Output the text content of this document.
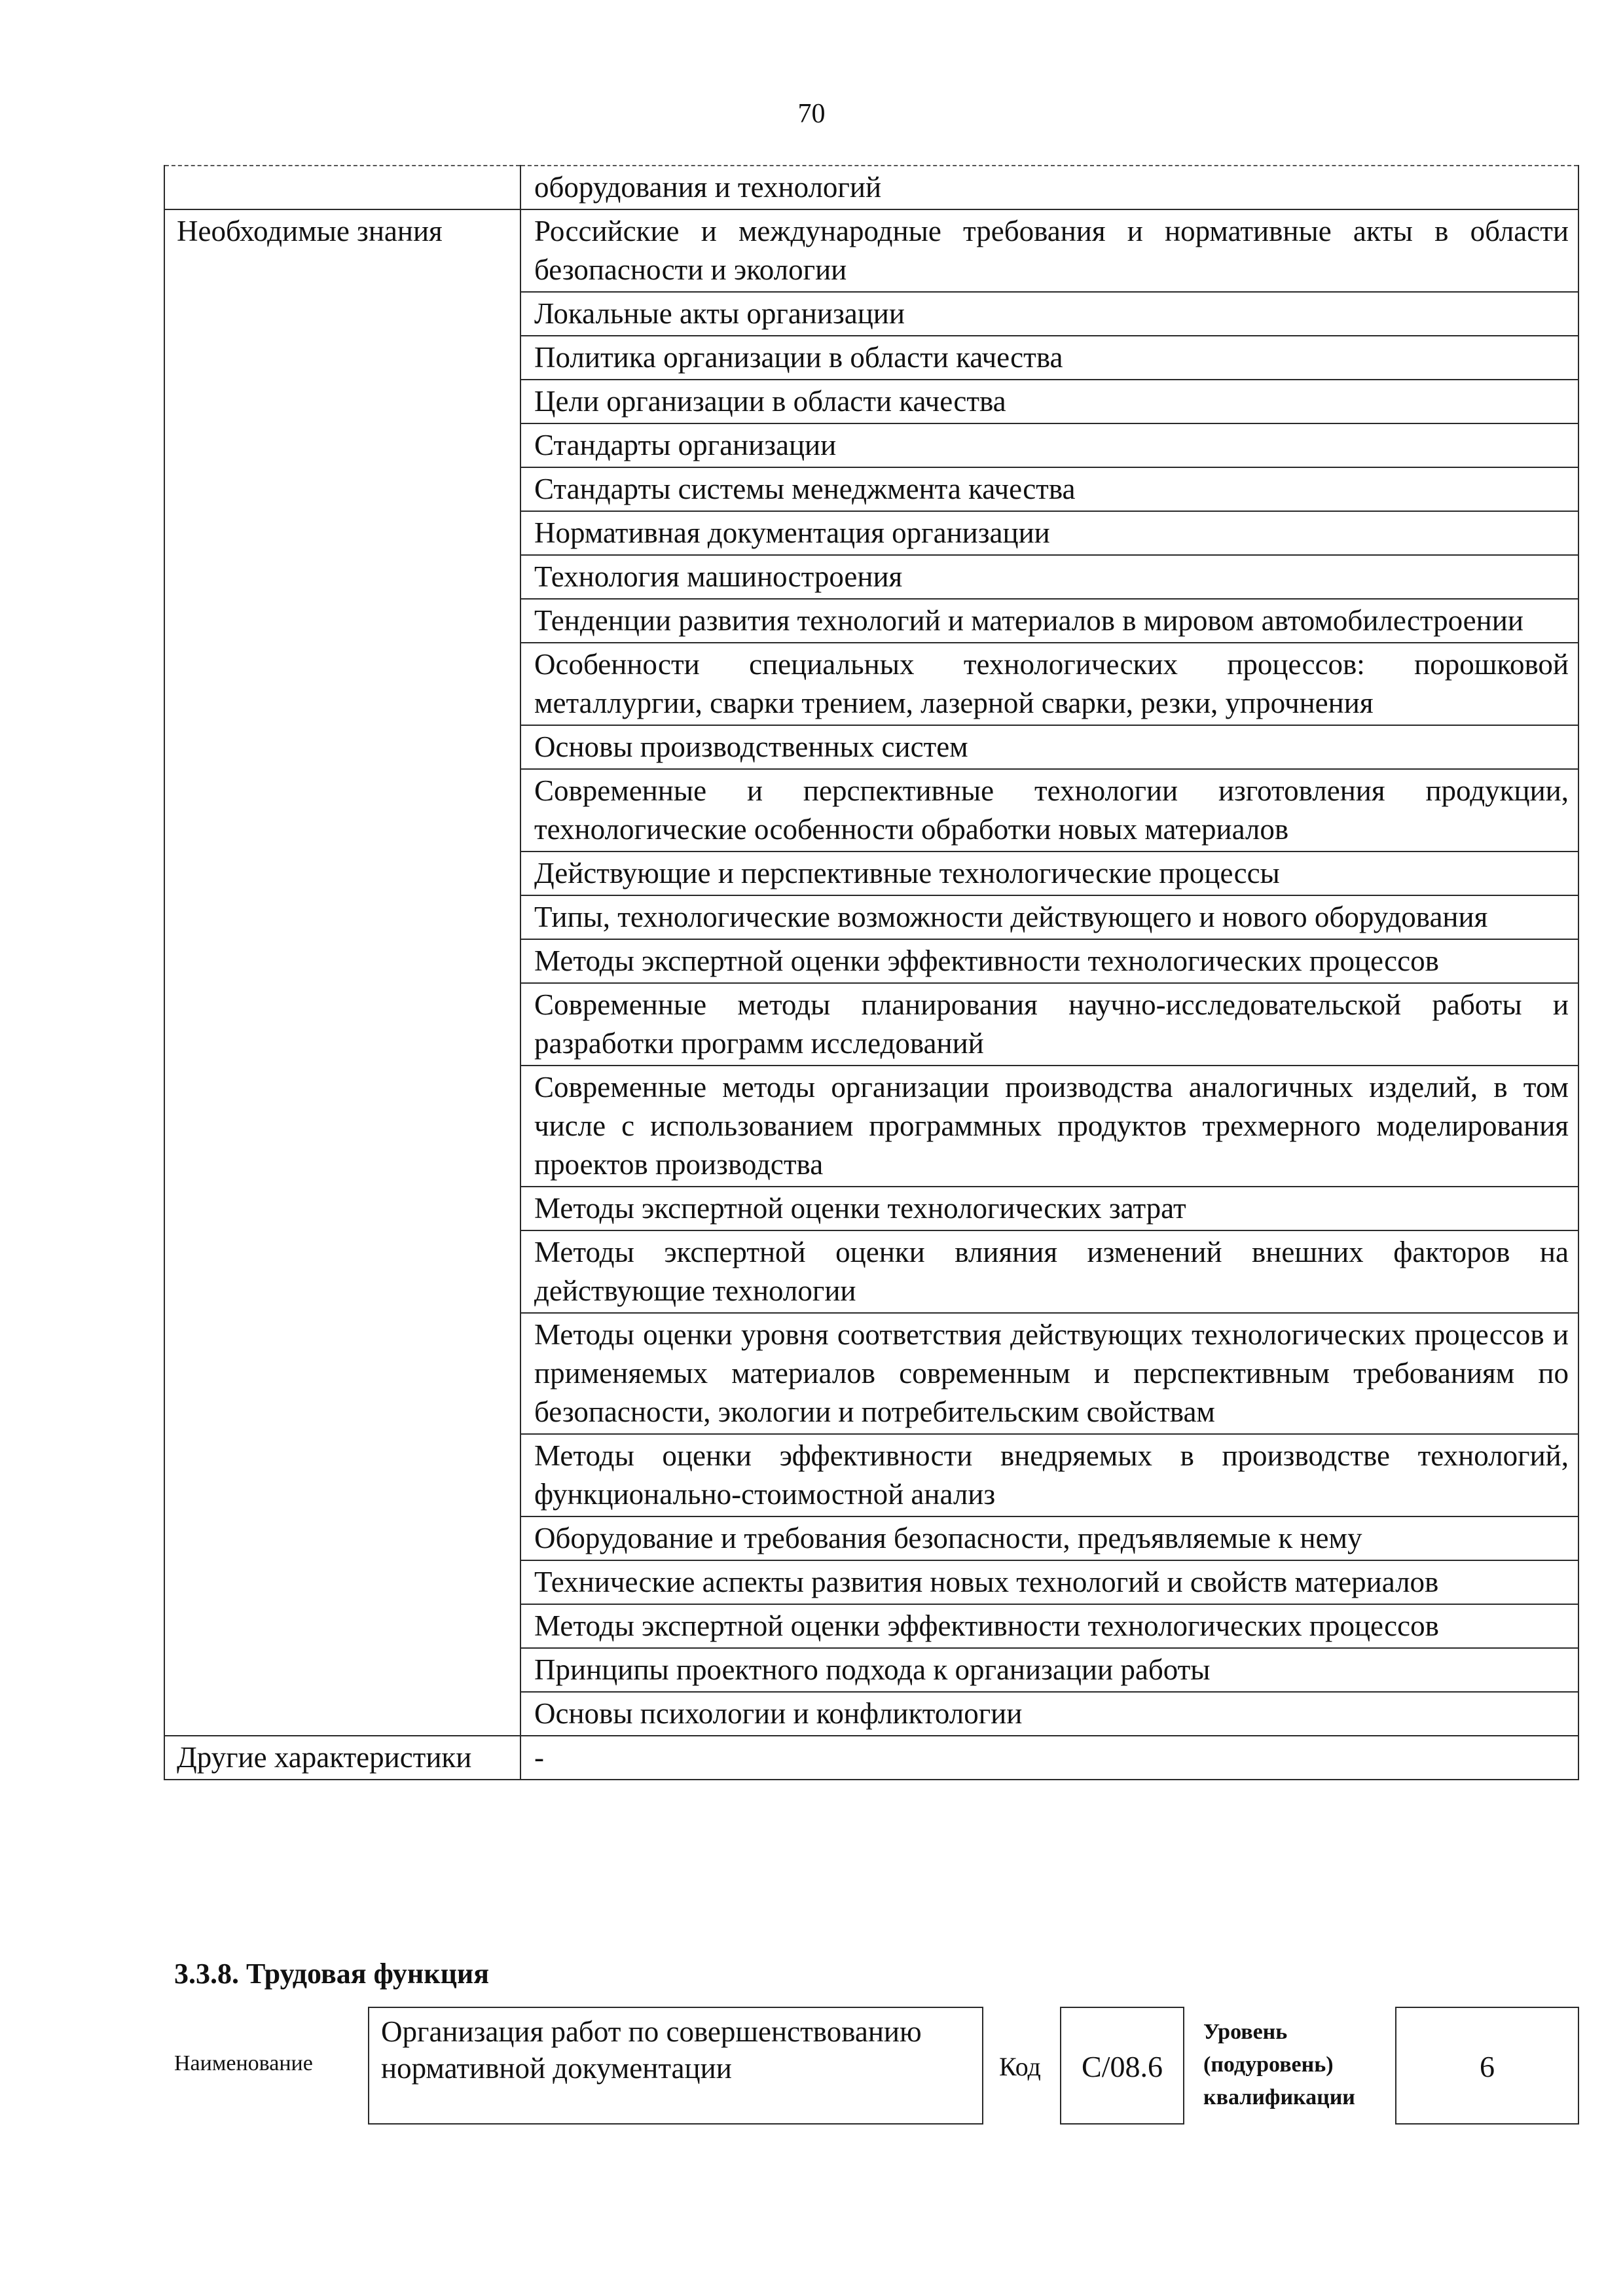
70
	оборудования и технологий
Необходимые знания	Российские и международные требования и нормативные акты в области безопасности и экологии
	Локальные акты организации
	Политика организации в области качества
	Цели организации в области качества
	Стандарты организации
	Стандарты системы менеджмента качества
	Нормативная документация организации
	Технология машиностроения
	Тенденции развития технологий и материалов в мировом автомобилестроении
	Особенности специальных технологических процессов: порошковой металлургии, сварки трением, лазерной сварки, резки, упрочнения
	Основы производственных систем
	Современные и перспективные технологии изготовления продукции, технологические особенности обработки новых материалов
	Действующие и перспективные технологические процессы
	Типы, технологические возможности действующего и нового оборудования
	Методы экспертной оценки эффективности технологических процессов
	Современные методы планирования научно-исследовательской работы и разработки программ исследований
	Современные методы организации производства аналогичных изделий, в том числе с использованием программных продуктов трехмерного моделирования проектов производства
	Методы экспертной оценки технологических затрат
	Методы экспертной оценки влияния изменений внешних факторов на действующие технологии
	Методы оценки уровня соответствия действующих технологических процессов и применяемых материалов современным и перспективным требованиям по безопасности, экологии и потребительским свойствам
	Методы оценки эффективности внедряемых в производстве технологий, функционально-стоимостной анализ
	Оборудование и требования безопасности, предъявляемые к нему
	Технические аспекты развития новых технологий и свойств материалов
	Методы экспертной оценки эффективности технологических процессов
	Принципы проектного подхода к организации работы
	Основы психологии и конфликтологии
Другие характеристики	-
3.3.8. Трудовая функция
Наименование
Организация работ по совершенствованию нормативной документации	Код	C/08.6
Уровень (подуровень) квалификации
6
